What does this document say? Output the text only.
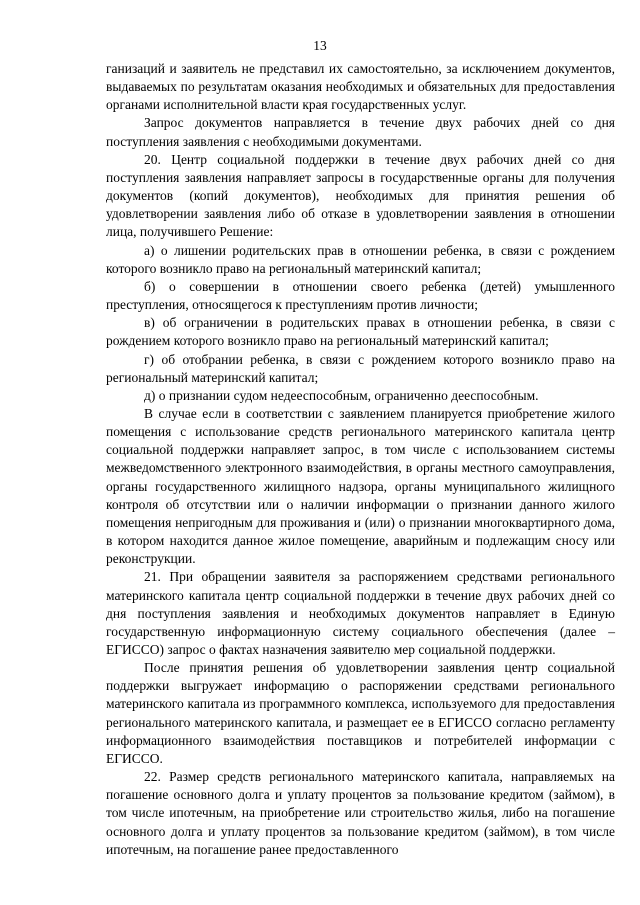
13

ганизаций и заявитель не представил их самостоятельно, за исключением документов, выдаваемых по результатам оказания необходимых и обязательных для предоставления органами исполнительной власти края государственных услуг.

Запрос документов направляется в течение двух рабочих дней со дня поступления заявления с необходимыми документами.

20. Центр социальной поддержки в течение двух рабочих дней со дня поступления заявления направляет запросы в государственные органы для получения документов (копий документов), необходимых для принятия решения об удовлетворении заявления либо об отказе в удовлетворении заявления в отношении лица, получившего Решение:

а) о лишении родительских прав в отношении ребенка, в связи с рождением которого возникло право на региональный материнский капитал;

б) о совершении в отношении своего ребенка (детей) умышленного преступления, относящегося к преступлениям против личности;

в) об ограничении в родительских правах в отношении ребенка, в связи с рождением которого возникло право на региональный материнский капитал;

г) об отобрании ребенка, в связи с рождением которого возникло право на региональный материнский капитал;

д) о признании судом недееспособным, ограниченно дееспособным.

В случае если в соответствии с заявлением планируется приобретение жилого помещения с использование средств регионального материнского капитала центр социальной поддержки направляет запрос, в том числе с использованием системы межведомственного электронного взаимодействия, в органы местного самоуправления, органы государственного жилищного надзора, органы муниципального жилищного контроля об отсутствии или о наличии информации о признании данного жилого помещения непригодным для проживания и (или) о признании многоквартирного дома, в котором находится данное жилое помещение, аварийным и подлежащим сносу или реконструкции.

21. При обращении заявителя за распоряжением средствами регионального материнского капитала центр социальной поддержки в течение двух рабочих дней со дня поступления заявления и необходимых документов направляет в Единую государственную информационную систему социального обеспечения (далее – ЕГИССО) запрос о фактах назначения заявителю мер социальной поддержки.

После принятия решения об удовлетворении заявления центр социальной поддержки выгружает информацию о распоряжении средствами регионального материнского капитала из программного комплекса, используемого для предоставления регионального материнского капитала, и размещает ее в ЕГИССО согласно регламенту информационного взаимодействия поставщиков и потребителей информации с ЕГИССО.

22. Размер средств регионального материнского капитала, направляемых на погашение основного долга и уплату процентов за пользование кредитом (займом), в том числе ипотечным, на приобретение или строительство жилья, либо на погашение основного долга и уплату процентов за пользование кредитом (займом), в том числе ипотечным, на погашение ранее предоставленного
